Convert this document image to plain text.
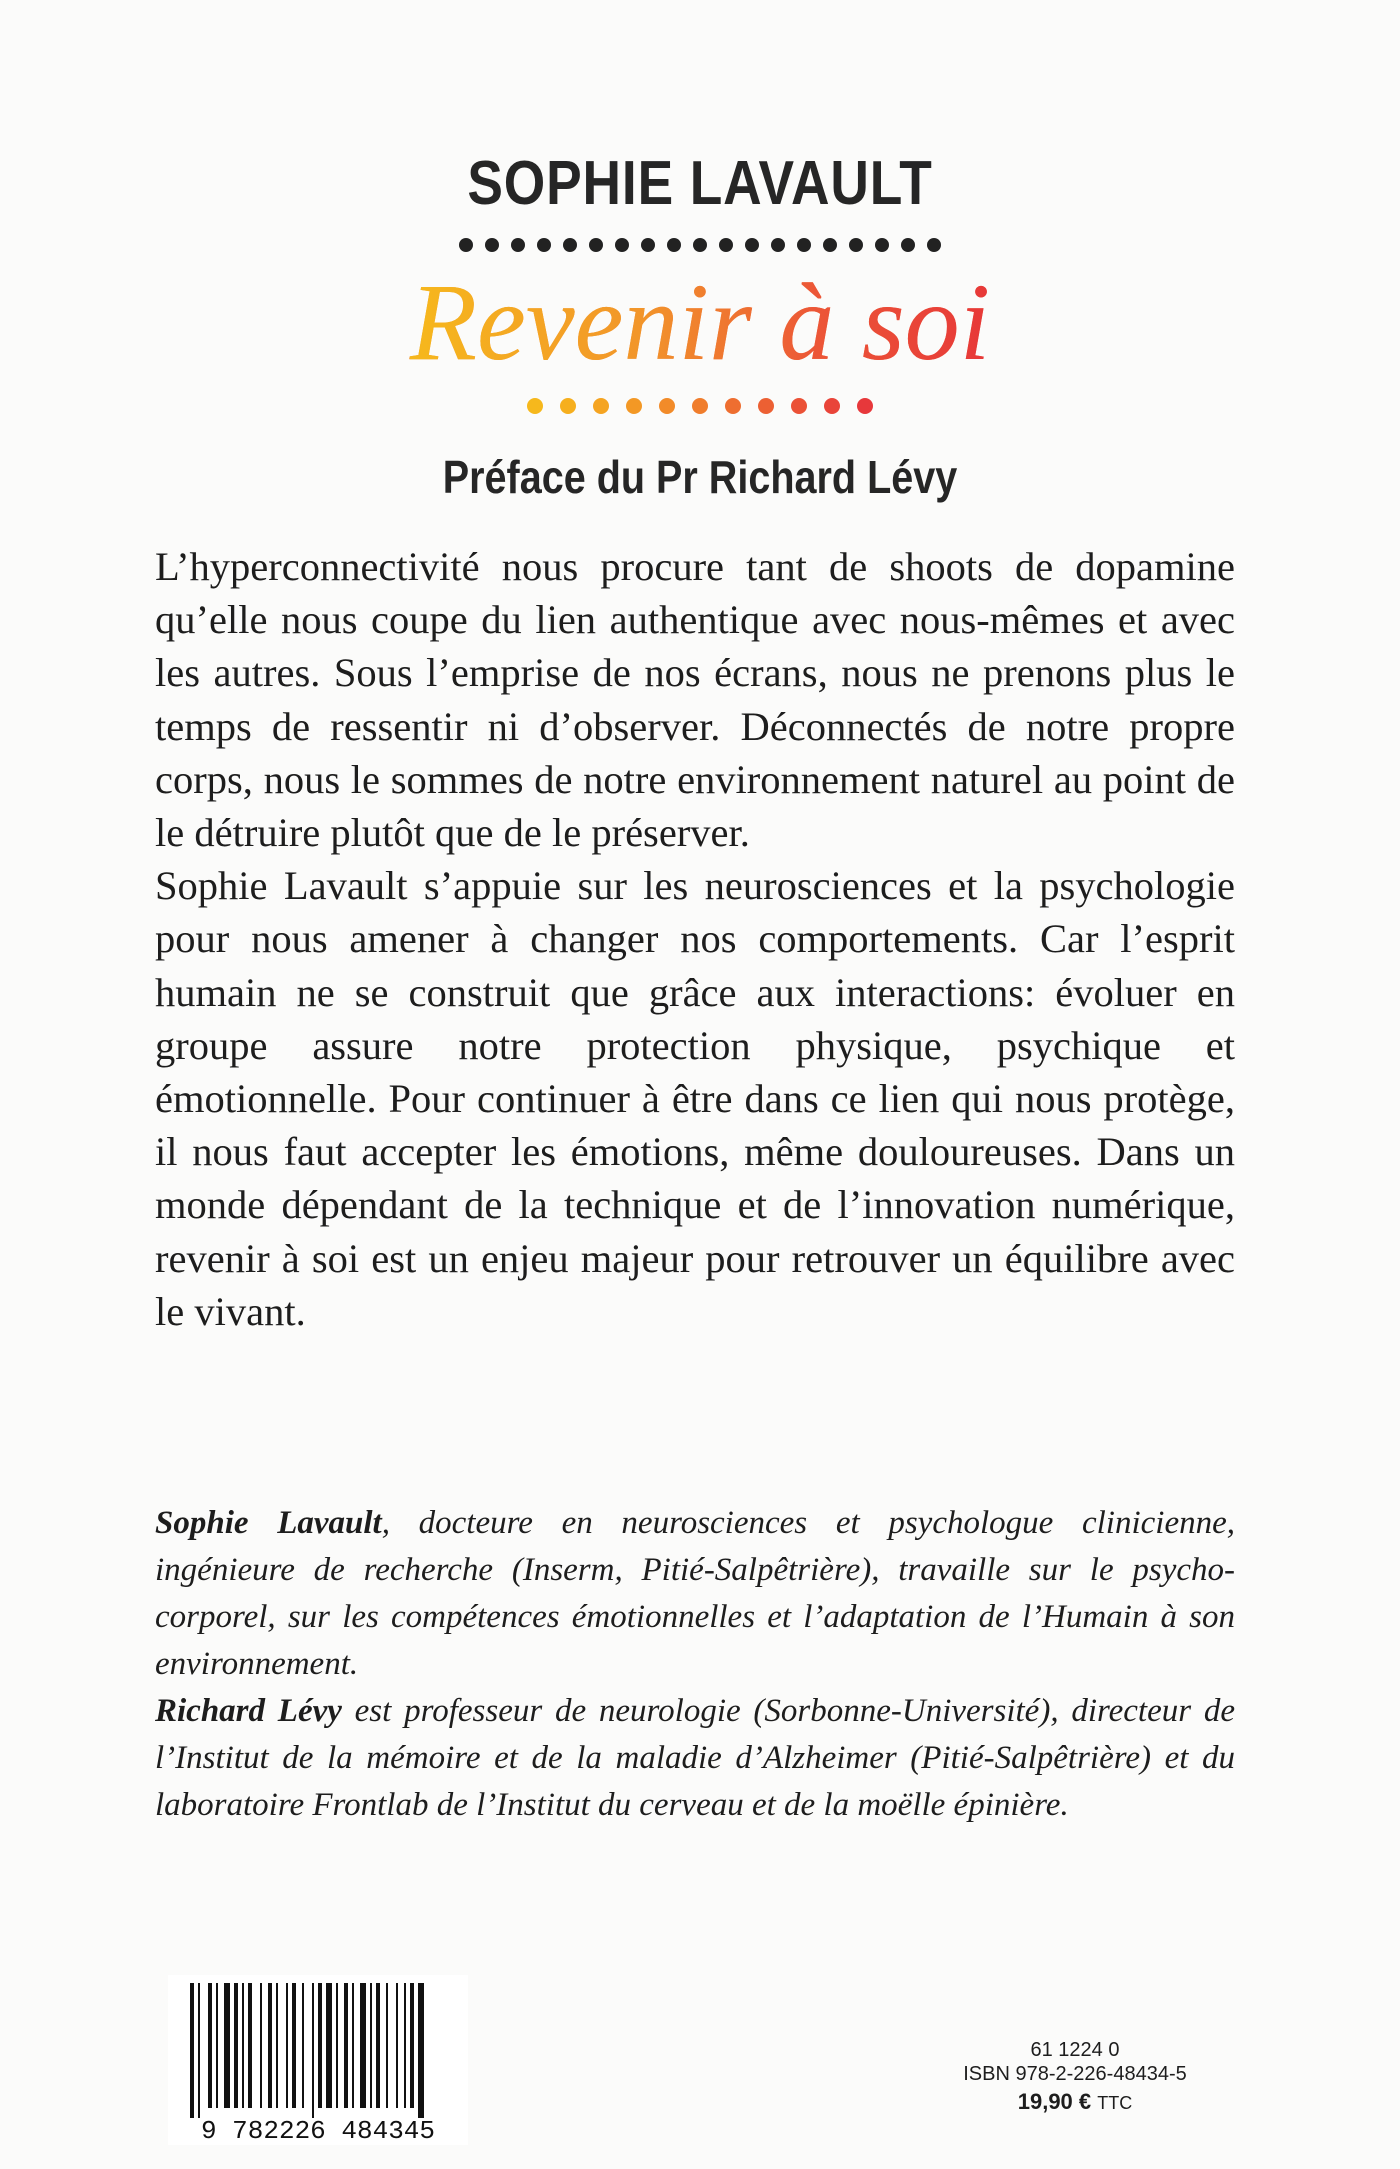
SOPHIE LAVAULT
Revenir à soi
Préface du Pr Richard Lévy

L’hyperconnectivité nous procure tant de shoots de dopamine qu’elle nous coupe du lien authentique avec nous-mêmes et avec les autres. Sous l’emprise de nos écrans, nous ne prenons plus le temps de ressentir ni d’observer. Déconnectés de notre propre corps, nous le sommes de notre environnement naturel au point de le détruire plutôt que de le préserver.

Sophie Lavault s’appuie sur les neurosciences et la psychologie pour nous amener à changer nos comportements. Car l’esprit humain ne se construit que grâce aux interactions: évoluer en groupe assure notre protection physique, psychique et émotionnelle. Pour continuer à être dans ce lien qui nous protège, il nous faut accepter les émotions, même douloureuses. Dans un monde dépendant de la technique et de l’innovation numérique, revenir à soi est un enjeu majeur pour retrouver un équilibre avec le vivant.

Sophie Lavault, docteure en neurosciences et psychologue clinicienne, ingénieure de recherche (Inserm, Pitié-Salpêtrière), travaille sur le psycho-corporel, sur les compétences émotionnelles et l’adaptation de l’Humain à son environnement.

Richard Lévy est professeur de neurologie (Sorbonne-Université), directeur de l’Institut de la mémoire et de la maladie d’Alzheimer (Pitié-Salpêtrière) et du laboratoire Frontlab de l’Institut du cerveau et de la moëlle épinière.

9 782226 484345
61 1224 0
ISBN 978-2-226-48434-5
19,90 € TTC
